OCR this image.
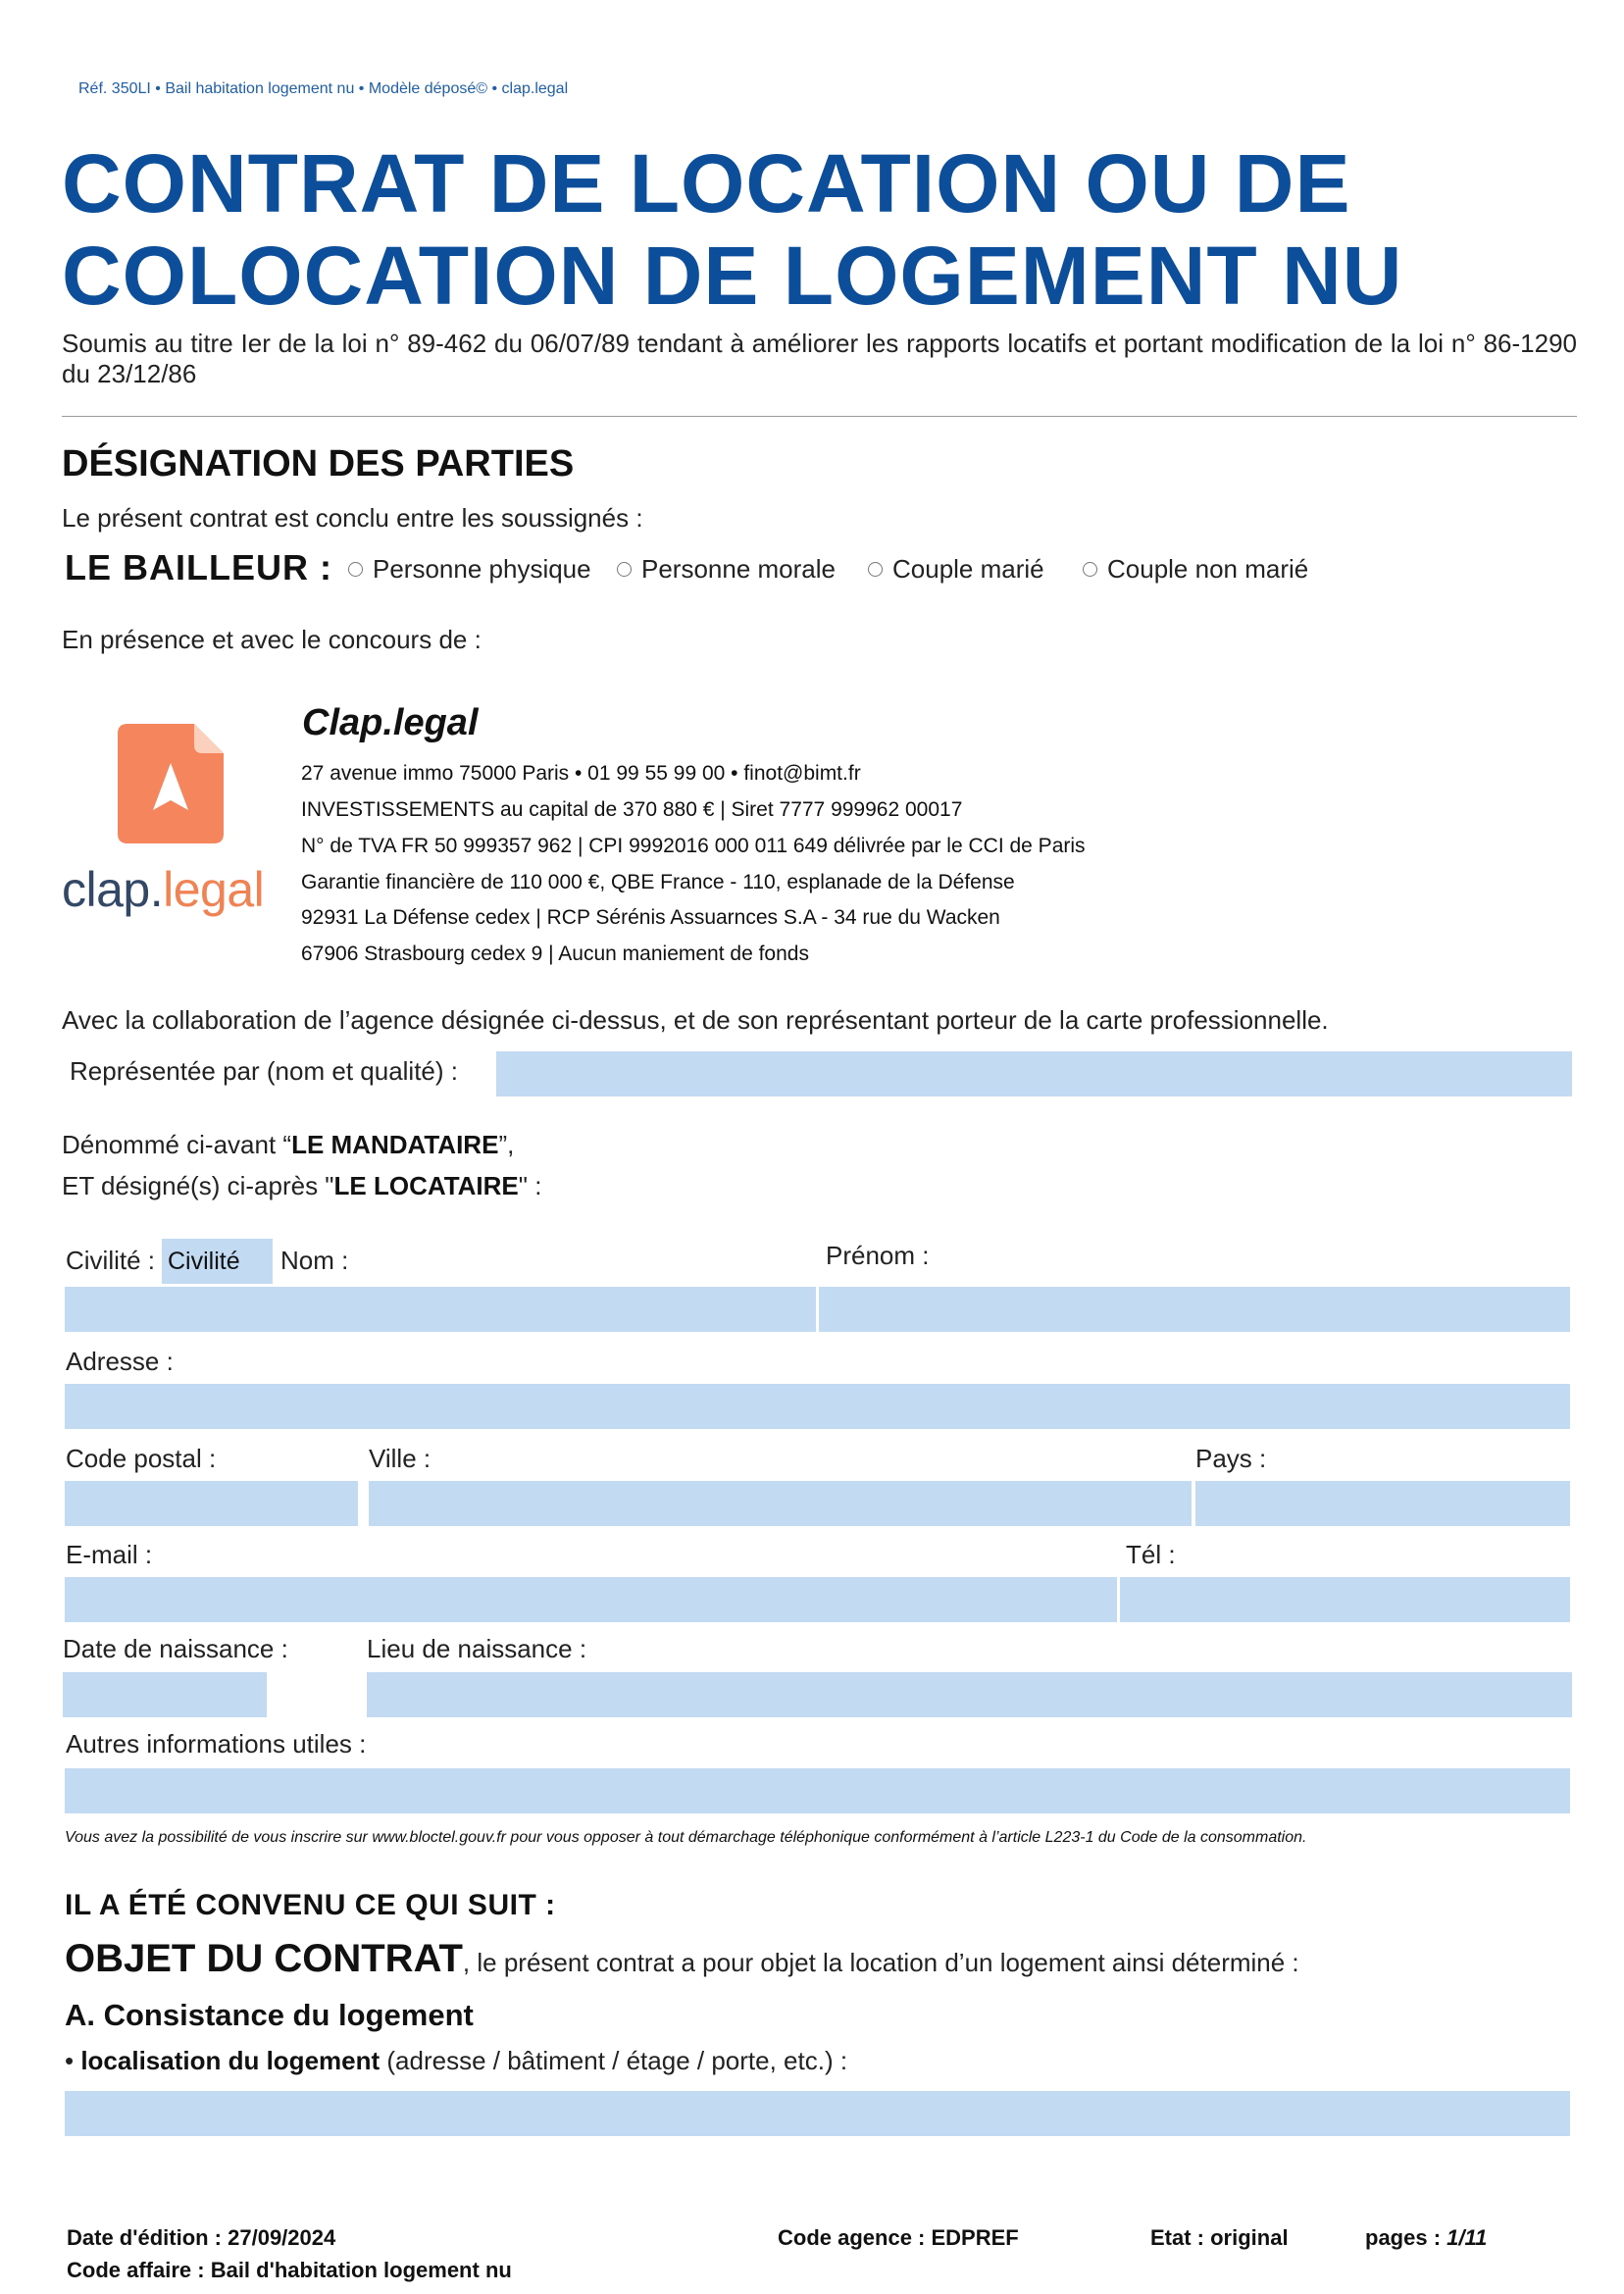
Réf. 350LI • Bail habitation logement nu • Modèle déposé© • clap.legal
CONTRAT DE LOCATION OU DE
COLOCATION DE LOGEMENT NU
Soumis au titre Ier de la loi n° 89-462 du 06/07/89 tendant à améliorer les rapports locatifs et portant modification de la loi n° 86-1290 du 23/12/86
DÉSIGNATION DES PARTIES
Le présent contrat est conclu entre les soussignés :
LE BAILLEUR : Personne physique Personne morale Couple marié Couple non marié
En présence et avec le concours de :
clap.legal
Clap.legal
27 avenue immo 75000 Paris • 01 99 55 99 00 • finot@bimt.fr
INVESTISSEMENTS au capital de 370 880 € | Siret 7777 999962 00017
N° de TVA FR 50 999357 962 | CPI 9992016 000 011 649 délivrée par le CCI de Paris
Garantie financière de 110 000 €, QBE France - 110, esplanade de la Défense
92931 La Défense cedex | RCP Sérénis Assuarnces S.A - 34 rue du Wacken
67906 Strasbourg cedex 9 | Aucun maniement de fonds
Avec la collaboration de l’agence désignée ci-dessus, et de son représentant porteur de la carte professionnelle.
Représentée par (nom et qualité) :
Dénommé ci-avant “LE MANDATAIRE”,
ET désigné(s) ci-après "LE LOCATAIRE" :
Civilité : Civilité	Nom :	Prénom :
Adresse :
Code postal :	Ville :	Pays :
E-mail :	Tél :
Date de naissance :	Lieu de naissance :
Autres informations utiles :
Vous avez la possibilité de vous inscrire sur www.bloctel.gouv.fr pour vous opposer à tout démarchage téléphonique conformément à l’article L223-1 du Code de la consommation.
IL A ÉTÉ CONVENU CE QUI SUIT :
OBJET DU CONTRAT, le présent contrat a pour objet la location d’un logement ainsi déterminé :
A. Consistance du logement
• localisation du logement (adresse / bâtiment / étage / porte, etc.) :
Date d'édition : 27/09/2024
Code affaire : Bail d'habitation logement nu
Code agence : EDPREF	Etat : original	pages : 1/11
